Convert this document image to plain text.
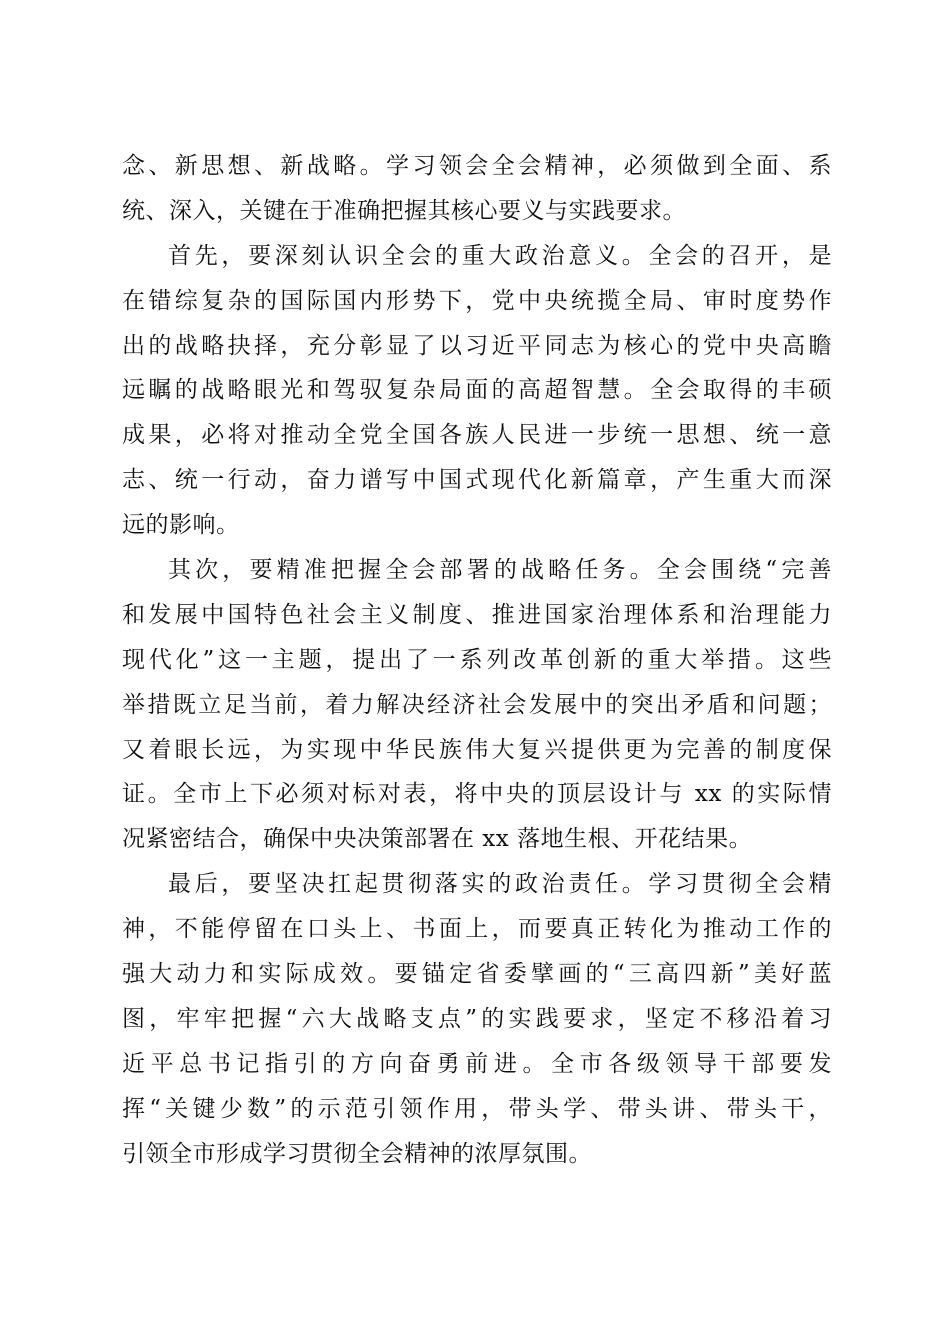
念、新思想、新战略。学习领会全会精神，必须做到全面、系
统、深入，关键在于准确把握其核心要义与实践要求。
首先，要深刻认识全会的重大政治意义。全会的召开，是
在错综复杂的国际国内形势下，党中央统揽全局、审时度势作
出的战略抉择，充分彰显了以习近平同志为核心的党中央高瞻
远瞩的战略眼光和驾驭复杂局面的高超智慧。全会取得的丰硕
成果，必将对推动全党全国各族人民进一步统一思想、统一意
志、统一行动，奋力谱写中国式现代化新篇章，产生重大而深
远的影响。
其次，要精准把握全会部署的战略任务。全会围绕“完善
和发展中国特色社会主义制度、推进国家治理体系和治理能力
现代化”这一主题，提出了一系列改革创新的重大举措。这些
举措既立足当前，着力解决经济社会发展中的突出矛盾和问题；
又着眼长远，为实现中华民族伟大复兴提供更为完善的制度保
证。全市上下必须对标对表，将中央的顶层设计与 xx 的实际情
况紧密结合，确保中央决策部署在 xx 落地生根、开花结果。
最后，要坚决扛起贯彻落实的政治责任。学习贯彻全会精
神，不能停留在口头上、书面上，而要真正转化为推动工作的
强大动力和实际成效。要锚定省委擘画的“三高四新”美好蓝
图，牢牢把握“六大战略支点”的实践要求，坚定不移沿着习
近平总书记指引的方向奋勇前进。全市各级领导干部要发
挥“关键少数”的示范引领作用，带头学、带头讲、带头干，
引领全市形成学习贯彻全会精神的浓厚氛围。
